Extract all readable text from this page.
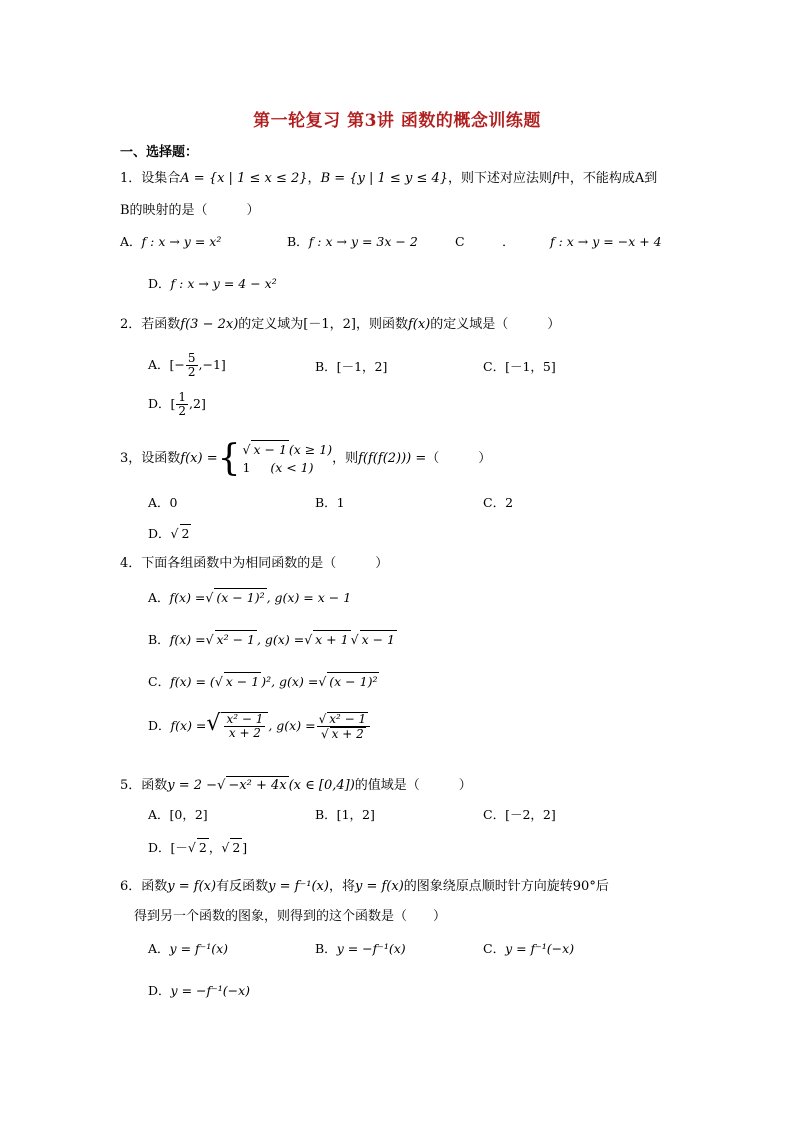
第一轮复习 第3讲 函数的概念训练题
一、选择题：
1．设集合A = {x | 1 ≤ x ≤ 2}，B = {y | 1 ≤ y ≤ 4}，则下述对应法则f中，不能构成A到
B的映射的是（　　　）
A．f : x → y = x²	B．f : x → y = 3x − 2	C　　　．	f : x → y = −x + 4
D．f : x → y = 4 − x²
2．若函数f(3 − 2x)的定义域为[－1，2]，则函数f(x)的定义域是（　　　）
A．[− $\frac{5}{2} ,-1$]	B．[－1，2]	C．[－1，5]
D．[ $\frac{1}{2} ,2$]
3，设函数f(x) = { √ x − 1 (x ≥ 1)
1 (x < 1)
，则f(f(f(2))) =（　　　）
A．0	B．1	C．2
D．√ 2
4．下面各组函数中为相同函数的是（　　　）
A．f(x) =√ (x − 1)² , g(x) = x − 1
B．f(x) =√ x² − 1 , g(x) =√ x + 1 √ x − 1
C．f(x) = (√ x − 1 )², g(x) =√ (x − 1)²
D．f(x) =√ $\frac{\text{x² − 1}}{x + 2}$ , $g(x) = \frac{\text{√ x² − 1}}{√ x + 2}$
5．函数y = 2 −√ −x² + 4x (x ∈ [0,4])的值域是（　　　）
A．[0，2]	B．[1，2]	C．[－2，2]
D．[－√ 2 ，√ 2 ]
6．函数y = f(x)有反函数y = f⁻¹(x)，将y = f(x)的图象绕原点顺时针方向旋转90°后
得到另一个函数的图象，则得到的这个函数是（　　）
A．y = f⁻¹(x)	B．y = −f⁻¹(x)	C．y = f⁻¹(−x)
D．y = −f⁻¹(−x)
